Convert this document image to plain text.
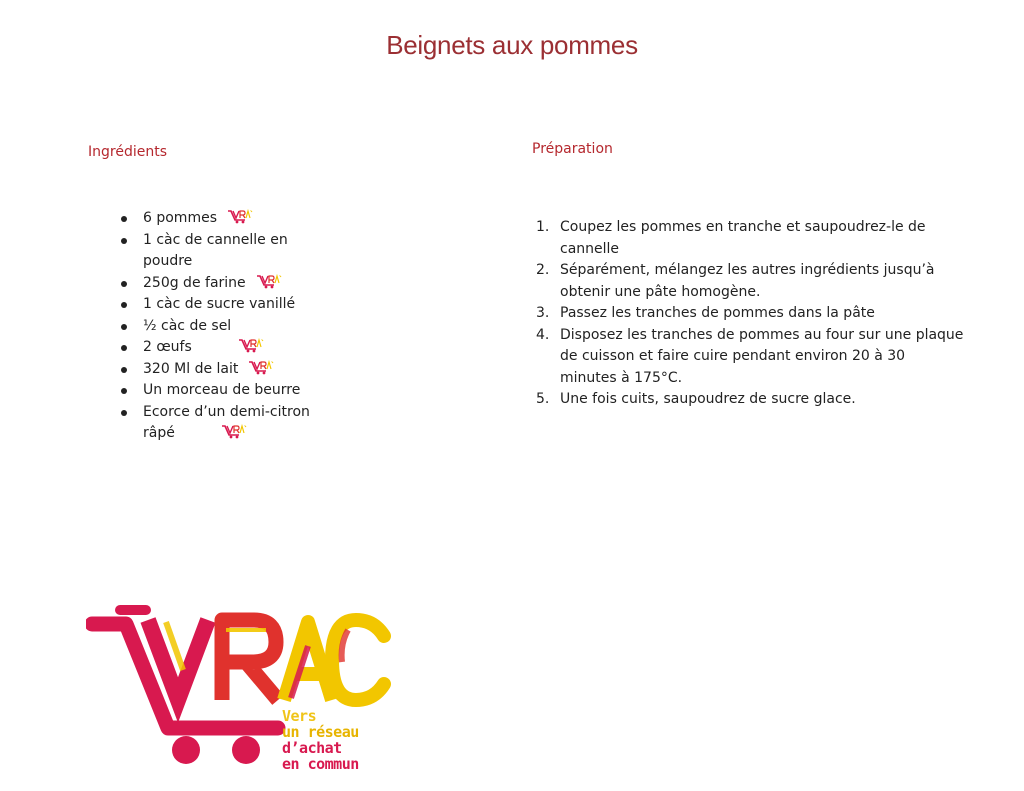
Beignets aux pommes
Ingrédients
6 pommes
1 càc de cannelle en poudre
250g de farine
1 càc de sucre vanillé
½ càc de sel
2 œufs
320 Ml de lait
Un morceau de beurre
Ecorce d’un demi-citron râpé
Préparation
1. Coupez les pommes en tranche et saupoudrez-le de cannelle
2. Séparément, mélangez les autres ingrédients jusqu’à obtenir une pâte homogène.
3. Passez les tranches de pommes dans la pâte
4. Disposez les tranches de pommes au four sur une plaque de cuisson et faire cuire pendant environ 20 à 30 minutes à 175°C.
5. Une fois cuits, saupoudrez de sucre glace.
Vers
un réseau
d’achat
en commun
